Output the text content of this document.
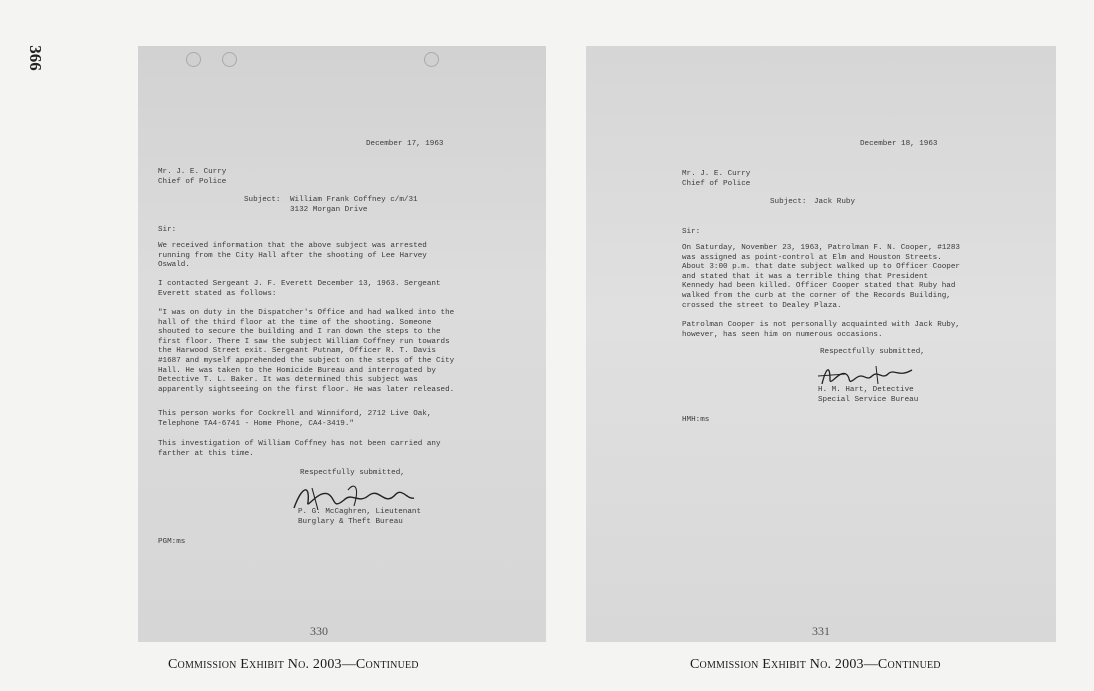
366
December 17, 1963
Mr. J. E. Curry
Chief of Police
Subject: William Frank Coffney c/m/31
3132 Morgan Drive
Sir:
We received information that the above subject was arrested running from the City Hall after the shooting of Lee Harvey Oswald.
I contacted Sergeant J. F. Everett December 13, 1963. Sergeant Everett stated as follows:
"I was on duty in the Dispatcher's Office and had walked into the hall of the third floor at the time of the shooting. Someone shouted to secure the building and I ran down the steps to the first floor. There I saw the subject William Coffney run towards the Harwood Street exit. Sergeant Putnam, Officer R. T. Davis #1687 and myself apprehended the subject on the steps of the City Hall. He was taken to the Homicide Bureau and interrogated by Detective T. L. Baker. It was determined this subject was apparently sightseeing on the first floor. He was later released.
This person works for Cockrell and Winniford, 2712 Live Oak, Telephone TA4-6741 - Home Phone, CA4-3419."
This investigation of William Coffney has not been carried any farther at this time.
Respectfully submitted,
P. G. McCaghren, Lieutenant
Burglary & Theft Bureau
PGM:ms
330
December 18, 1963
Mr. J. E. Curry
Chief of Police
Subject: Jack Ruby
Sir:
On Saturday, November 23, 1963, Patrolman F. N. Cooper, #1283 was assigned as point-control at Elm and Houston Streets. About 3:00 p.m. that date subject walked up to Officer Cooper and stated that it was a terrible thing that President Kennedy had been killed. Officer Cooper stated that Ruby had walked from the curb at the corner of the Records Building, crossed the street to Dealey Plaza.
Patrolman Cooper is not personally acquainted with Jack Ruby, however, has seen him on numerous occasions.
Respectfully submitted,
H. M. Hart, Detective
Special Service Bureau
HMH:ms
331
Commission Exhibit No. 2003—Continued	Commission Exhibit No. 2003—Continued
